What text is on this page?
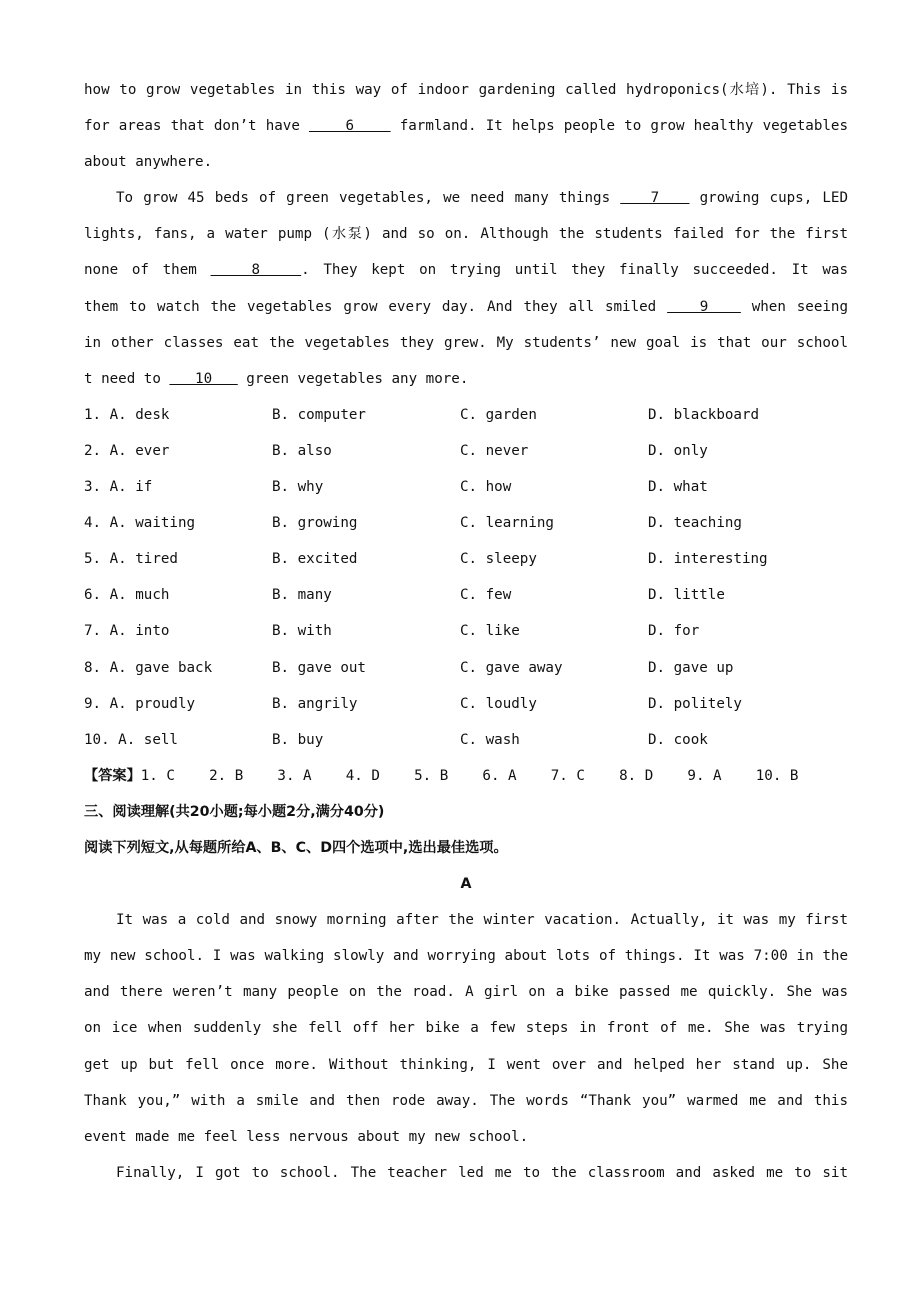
how to grow vegetables in this way of indoor gardening called hydroponics(水培). This is
for areas that don’t have     6     farmland. It helps people to grow healthy vegetables
about anywhere.
To grow 45 beds of green vegetables, we need many things    7    growing cups, LED
lights, fans, a water pump (水泵) and so on. Although the students failed for the first
none of them    8   . They kept on trying until they finally succeeded. It was
them to watch the vegetables grow every day. And they all smiled    9    when seeing
in other classes eat the vegetables they grew. My students’ new goal is that our school
t need to    10    green vegetables any more.
1. A. desk	B. computer	C. garden	D. blackboard
2. A. ever	B. also	C. never	D. only
3. A. if	B. why	C. how	D. what
4. A. waiting	B. growing	C. learning	D. teaching
5. A. tired	B. excited	C. sleepy	D. interesting
6. A. much	B. many	C. few	D. little
7. A. into	B. with	C. like	D. for
8. A. gave back	B. gave out	C. gave away	D. gave up
9. A. proudly	B. angrily	C. loudly	D. politely
10. A. sell	B. buy	C. wash	D. cook
【答案】1. C    2. B    3. A    4. D    5. B    6. A    7. C    8. D    9. A    10. B
三、阅读理解(共20小题;每小题2分,满分40分)
阅读下列短文,从每题所给A、B、C、D四个选项中,选出最佳选项。
A
It was a cold and snowy morning after the winter vacation. Actually, it was my first
my new school. I was walking slowly and worrying about lots of things. It was 7:00 in the
and there weren’t many people on the road. A girl on a bike passed me quickly. She was
on ice when suddenly she fell off her bike a few steps in front of me. She was trying
get up but fell once more. Without thinking, I went over and helped her stand up. She
Thank you,” with a smile and then rode away. The words “Thank you” warmed me and this
event made me feel less nervous about my new school.
Finally, I got to school. The teacher led me to the classroom and asked me to sit
